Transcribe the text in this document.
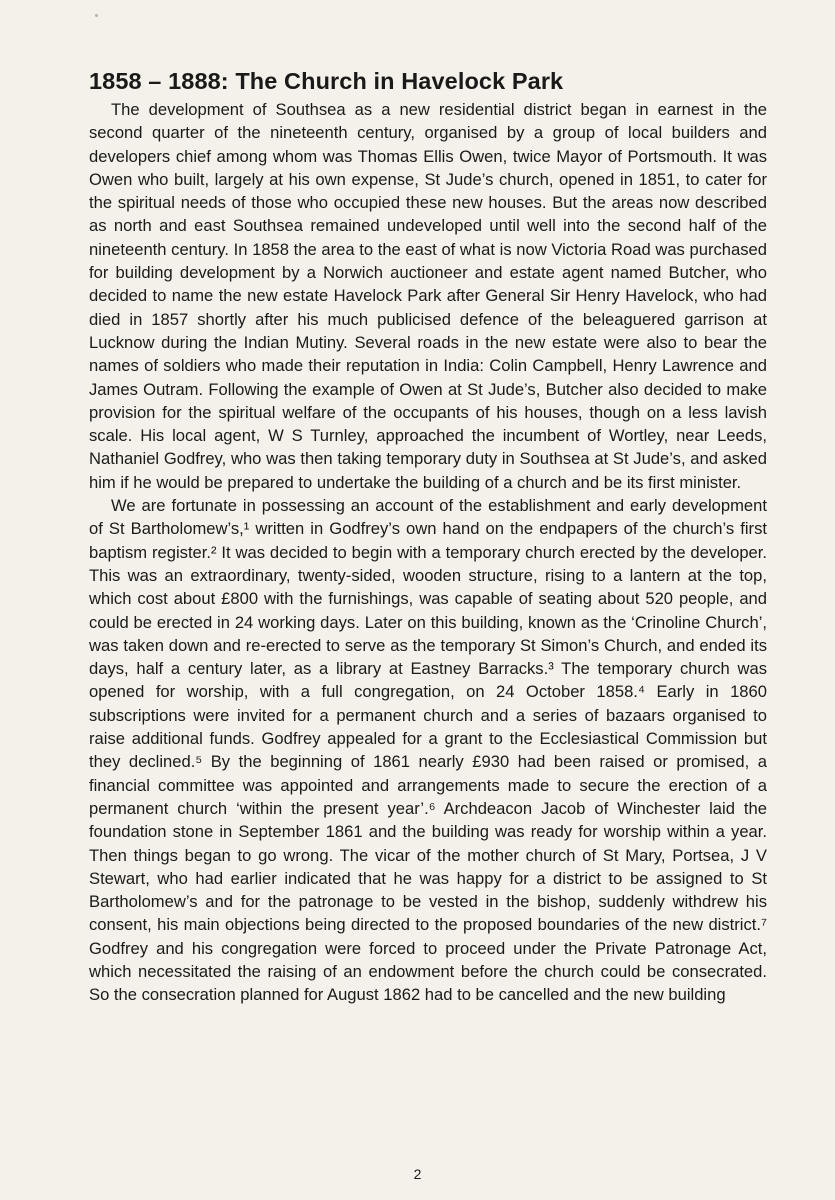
1858 – 1888: The Church in Havelock Park

The development of Southsea as a new residential district began in earnest in the second quarter of the nineteenth century, organised by a group of local builders and developers chief among whom was Thomas Ellis Owen, twice Mayor of Portsmouth. It was Owen who built, largely at his own expense, St Jude’s church, opened in 1851, to cater for the spiritual needs of those who occupied these new houses. But the areas now described as north and east Southsea remained undeveloped until well into the second half of the nineteenth century. In 1858 the area to the east of what is now Victoria Road was purchased for building development by a Norwich auctioneer and estate agent named Butcher, who decided to name the new estate Havelock Park after General Sir Henry Havelock, who had died in 1857 shortly after his much publicised defence of the beleaguered garrison at Lucknow during the Indian Mutiny. Several roads in the new estate were also to bear the names of soldiers who made their reputation in India: Colin Campbell, Henry Lawrence and James Outram. Following the example of Owen at St Jude’s, Butcher also decided to make provision for the spiritual welfare of the occupants of his houses, though on a less lavish scale. His local agent, W S Turnley, approached the incumbent of Wortley, near Leeds, Nathaniel Godfrey, who was then taking temporary duty in Southsea at St Jude’s, and asked him if he would be prepared to undertake the building of a church and be its first minister.

We are fortunate in possessing an account of the establishment and early development of St Bartholomew’s,¹ written in Godfrey’s own hand on the endpapers of the church’s first baptism register.² It was decided to begin with a temporary church erected by the developer. This was an extraordinary, twenty-sided, wooden structure, rising to a lantern at the top, which cost about £800 with the furnishings, was capable of seating about 520 people, and could be erected in 24 working days. Later on this building, known as the ‘Crinoline Church’, was taken down and re-erected to serve as the temporary St Simon’s Church, and ended its days, half a century later, as a library at Eastney Barracks.³ The temporary church was opened for worship, with a full congregation, on 24 October 1858.⁴ Early in 1860 subscriptions were invited for a permanent church and a series of bazaars organised to raise additional funds. Godfrey appealed for a grant to the Ecclesiastical Commission but they declined.⁵ By the beginning of 1861 nearly £930 had been raised or promised, a financial committee was appointed and arrangements made to secure the erection of a permanent church ‘within the present year’.⁶ Archdeacon Jacob of Winchester laid the foundation stone in September 1861 and the building was ready for worship within a year. Then things began to go wrong. The vicar of the mother church of St Mary, Portsea, J V Stewart, who had earlier indicated that he was happy for a district to be assigned to St Bartholomew’s and for the patronage to be vested in the bishop, suddenly withdrew his consent, his main objections being directed to the proposed boundaries of the new district.⁷ Godfrey and his congregation were forced to proceed under the Private Patronage Act, which necessitated the raising of an endowment before the church could be consecrated. So the consecration planned for August 1862 had to be cancelled and the new building

2
